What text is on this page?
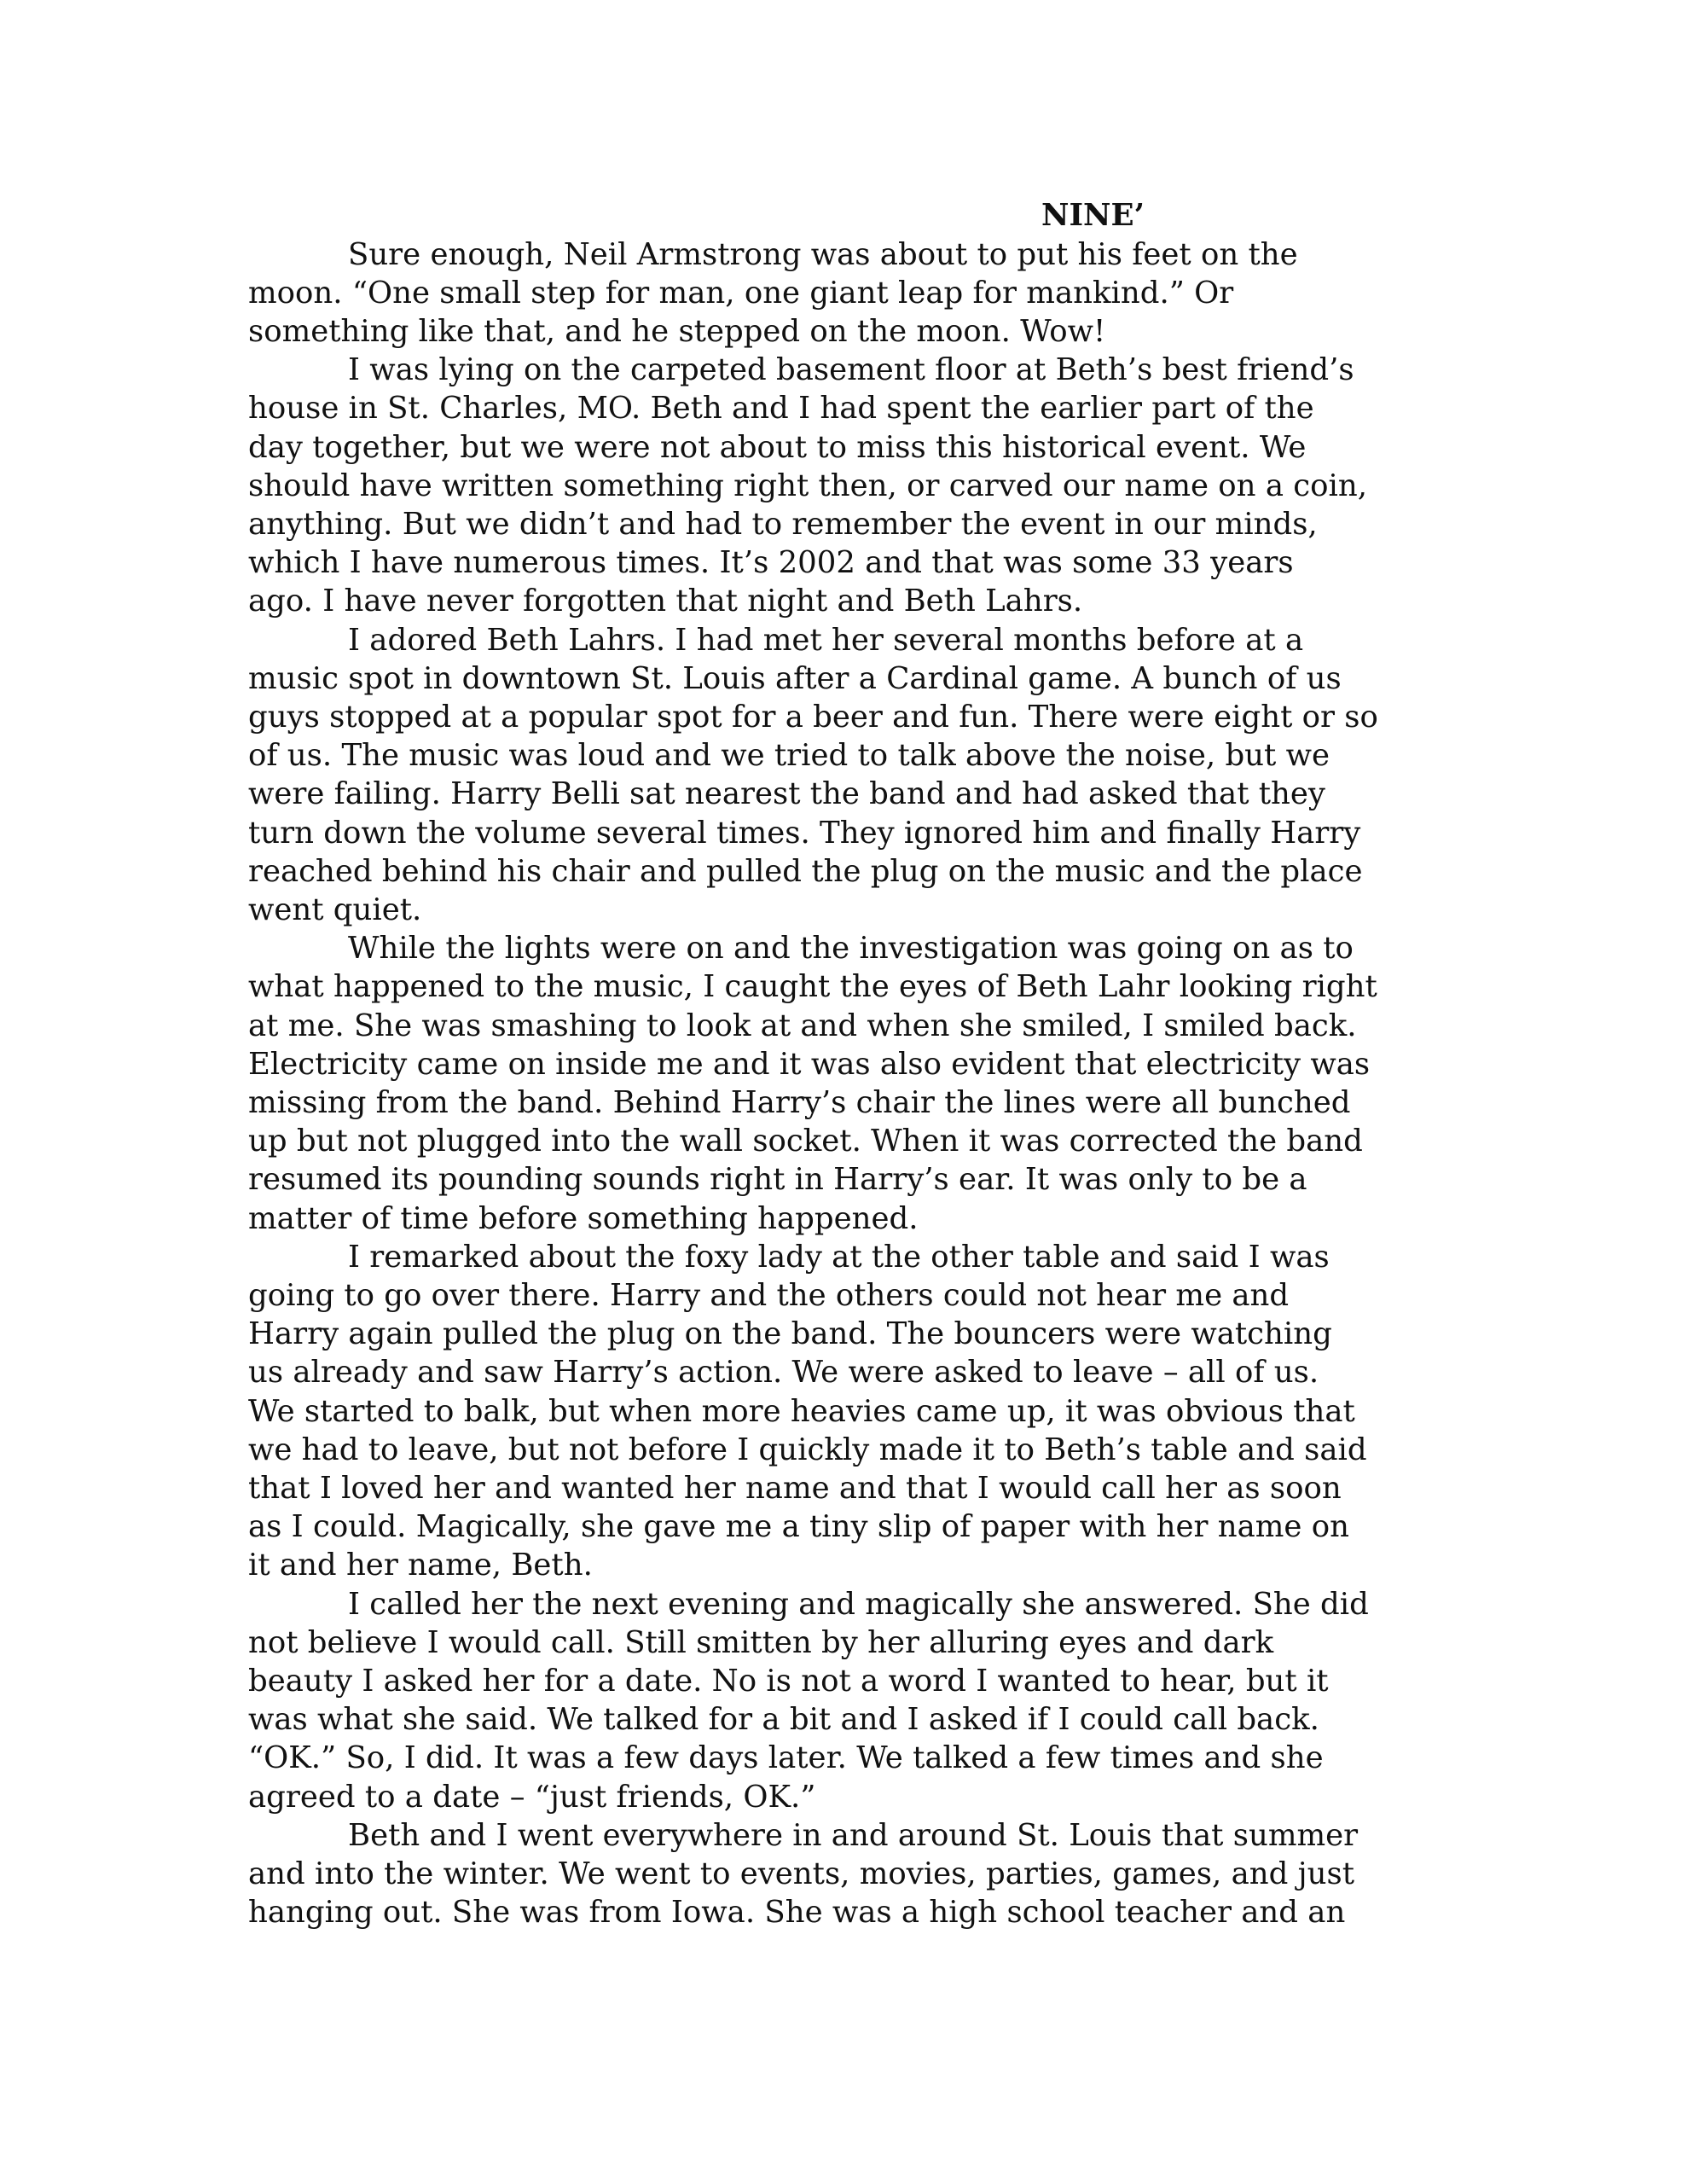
NINE’

Sure enough, Neil Armstrong was about to put his feet on the
moon. “One small step for man, one giant leap for mankind.” Or
something like that, and he stepped on the moon. Wow!

I was lying on the carpeted basement floor at Beth’s best friend’s
house in St. Charles, MO. Beth and I had spent the earlier part of the
day together, but we were not about to miss this historical event. We
should have written something right then, or carved our name on a coin,
anything. But we didn’t and had to remember the event in our minds,
which I have numerous times. It’s 2002 and that was some 33 years
ago. I have never forgotten that night and Beth Lahrs.

I adored Beth Lahrs. I had met her several months before at a
music spot in downtown St. Louis after a Cardinal game. A bunch of us
guys stopped at a popular spot for a beer and fun. There were eight or so
of us. The music was loud and we tried to talk above the noise, but we
were failing. Harry Belli sat nearest the band and had asked that they
turn down the volume several times. They ignored him and finally Harry
reached behind his chair and pulled the plug on the music and the place
went quiet.

While the lights were on and the investigation was going on as to
what happened to the music, I caught the eyes of Beth Lahr looking right
at me. She was smashing to look at and when she smiled, I smiled back.
Electricity came on inside me and it was also evident that electricity was
missing from the band. Behind Harry’s chair the lines were all bunched
up but not plugged into the wall socket. When it was corrected the band
resumed its pounding sounds right in Harry’s ear. It was only to be a
matter of time before something happened.

I remarked about the foxy lady at the other table and said I was
going to go over there. Harry and the others could not hear me and
Harry again pulled the plug on the band. The bouncers were watching
us already and saw Harry’s action. We were asked to leave – all of us.
We started to balk, but when more heavies came up, it was obvious that
we had to leave, but not before I quickly made it to Beth’s table and said
that I loved her and wanted her name and that I would call her as soon
as I could. Magically, she gave me a tiny slip of paper with her name on
it and her name, Beth.

I called her the next evening and magically she answered. She did
not believe I would call. Still smitten by her alluring eyes and dark
beauty I asked her for a date. No is not a word I wanted to hear, but it
was what she said. We talked for a bit and I asked if I could call back.
“OK.” So, I did. It was a few days later. We talked a few times and she
agreed to a date – “just friends, OK.”

Beth and I went everywhere in and around St. Louis that summer
and into the winter. We went to events, movies, parties, games, and just
hanging out. She was from Iowa. She was a high school teacher and an
